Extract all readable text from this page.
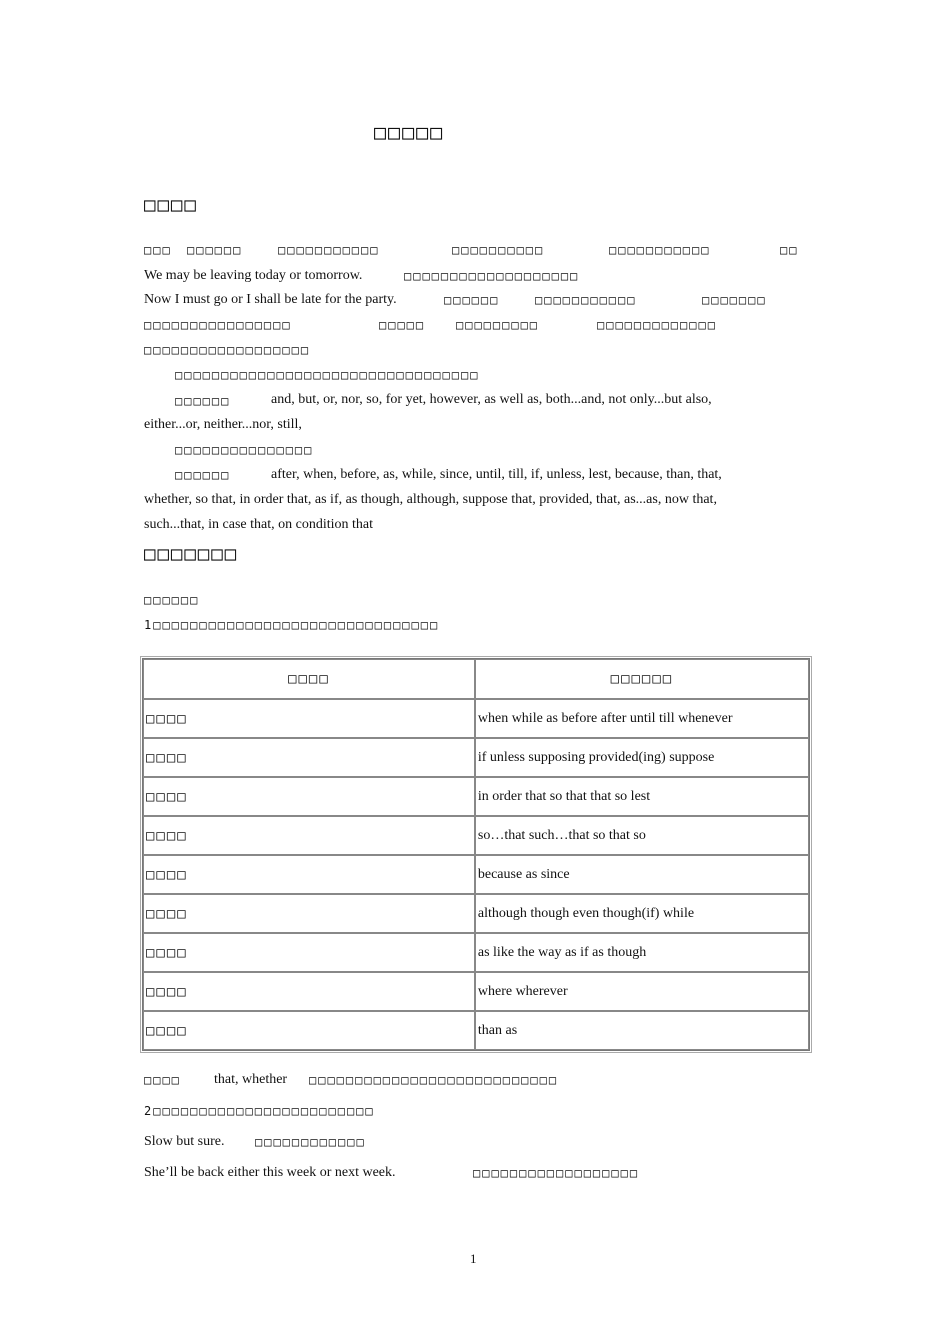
□□□□□
□□□□
□□□ □□□□□□	□□□□□□□□□□□	□□□□□□□□□□	□□□□□□□□□□□	□□
We may be leaving today or tomorrow.	□□□□□□□□□□□□□□□□□□□
Now I must go or I shall be late for the party.	□□□□□□	□□□□□□□□□□□	□□□□□□□
□□□□□□□□□□□□□□□□	□□□□□	□□□□□□□□□	□□□□□□□□□□□□□
□□□□□□□□□□□□□□□□□□
□□□□□□□□□□□□□□□□□□□□□□□□□□□□□□□□□
□□□□□□	and, but, or, nor, so, for yet, however, as well as, both...and, not only...but also,
either...or, neither...nor, still,
□□□□□□□□□□□□□□□
□□□□□□	after, when, before, as, while, since, until, till, if, unless, lest, because, than, that,
whether, so that, in order that, as if, as though, although, suppose that, provided, that, as...as, now that,
such...that, in case that, on condition that
□□□□□□□
□□□□□□
1□□□□□□□□□□□□□□□□□□□□□□□□□□□□□□□
□□□□	□□□□□□
□□□□	when while as before after until till whenever
□□□□	if unless supposing provided(ing) suppose
□□□□	in order that so that that so lest
□□□□	so…that such…that so that so
□□□□	because as since
□□□□	although though even though(if) while
□□□□	as like the way as if as though
□□□□	where wherever
□□□□	than as
□□□□ that, whether □□□□□□□□□□□□□□□□□□□□□□□□□□□
2□□□□□□□□□□□□□□□□□□□□□□□□
Slow but sure.	□□□□□□□□□□□□
She’ll be back either this week or next week.	□□□□□□□□□□□□□□□□□□
1
